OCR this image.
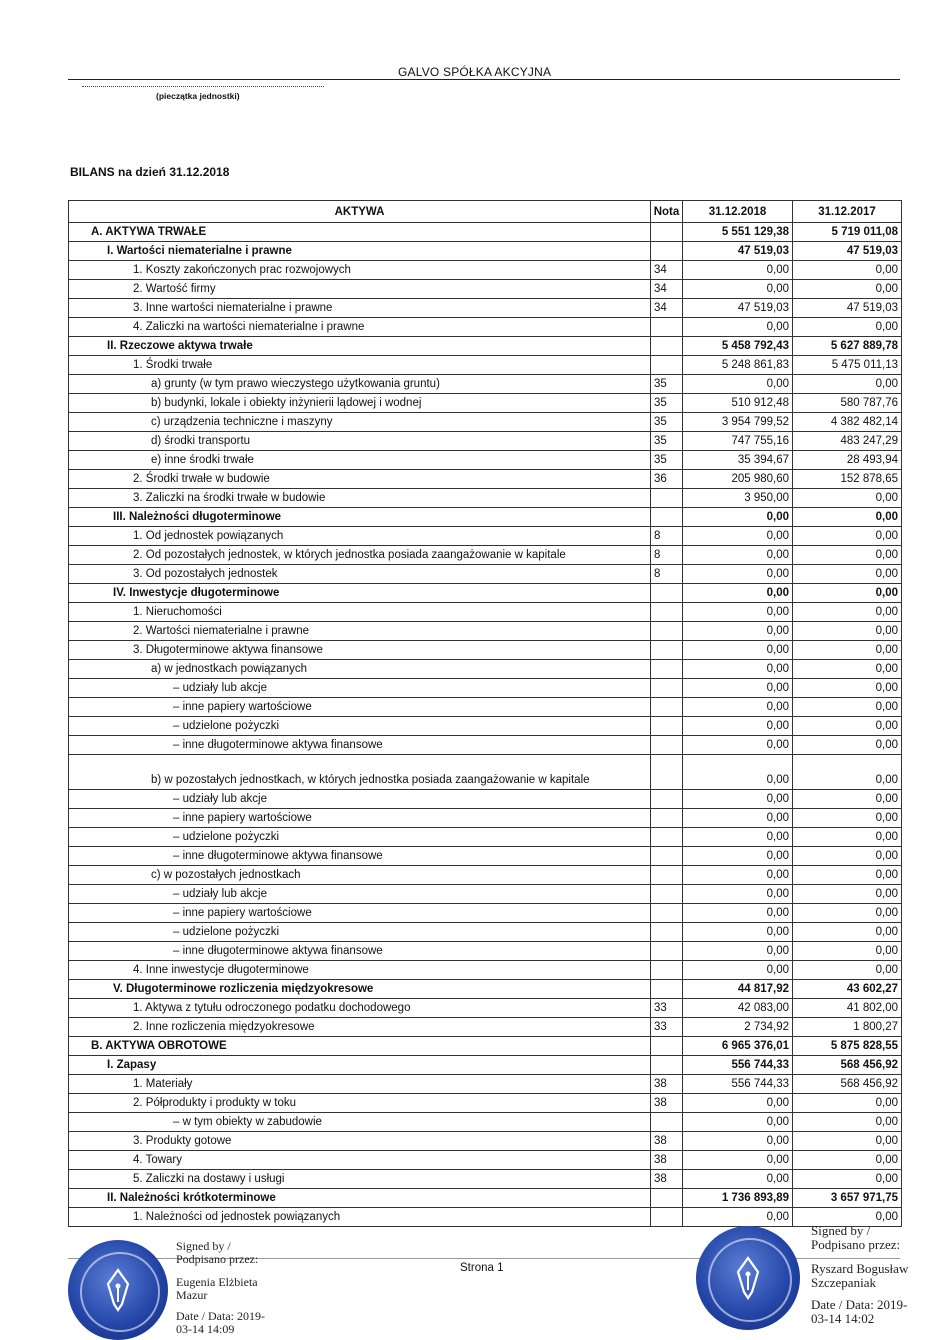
GALVO SPÓŁKA AKCYJNA
(pieczątka jednostki)
BILANS na dzień 31.12.2018
AKTYWA	Nota	31.12.2018	31.12.2017
A. AKTYWA TRWAŁE		5 551 129,38	5 719 011,08
I. Wartości niematerialne i prawne		47 519,03	47 519,03
1. Koszty zakończonych prac rozwojowych	34	0,00	0,00
2. Wartość firmy	34	0,00	0,00
3. Inne wartości niematerialne i prawne	34	47 519,03	47 519,03
4. Zaliczki na wartości niematerialne i prawne		0,00	0,00
II. Rzeczowe aktywa trwałe		5 458 792,43	5 627 889,78
1. Środki trwałe		5 248 861,83	5 475 011,13
a) grunty (w tym prawo wieczystego użytkowania gruntu)	35	0,00	0,00
b) budynki, lokale i obiekty inżynierii lądowej i wodnej	35	510 912,48	580 787,76
c) urządzenia techniczne i maszyny	35	3 954 799,52	4 382 482,14
d) środki transportu	35	747 755,16	483 247,29
e) inne środki trwałe	35	35 394,67	28 493,94
2. Środki trwałe w budowie	36	205 980,60	152 878,65
3. Zaliczki na środki trwałe w budowie		3 950,00	0,00
III. Należności długoterminowe		0,00	0,00
1. Od jednostek powiązanych	8	0,00	0,00
2. Od pozostałych jednostek, w których jednostka posiada zaangażowanie w kapitale	8	0,00	0,00
3. Od pozostałych jednostek	8	0,00	0,00
IV. Inwestycje długoterminowe		0,00	0,00
1. Nieruchomości		0,00	0,00
2. Wartości niematerialne i prawne		0,00	0,00
3. Długoterminowe aktywa finansowe		0,00	0,00
a) w jednostkach powiązanych		0,00	0,00
– udziały lub akcje		0,00	0,00
– inne papiery wartościowe		0,00	0,00
– udzielone pożyczki		0,00	0,00
– inne długoterminowe aktywa finansowe		0,00	0,00
b) w pozostałych jednostkach, w których jednostka posiada zaangażowanie w kapitale		0,00	0,00
– udziały lub akcje		0,00	0,00
– inne papiery wartościowe		0,00	0,00
– udzielone pożyczki		0,00	0,00
– inne długoterminowe aktywa finansowe		0,00	0,00
c) w pozostałych jednostkach		0,00	0,00
– udziały lub akcje		0,00	0,00
– inne papiery wartościowe		0,00	0,00
– udzielone pożyczki		0,00	0,00
– inne długoterminowe aktywa finansowe		0,00	0,00
4. Inne inwestycje długoterminowe		0,00	0,00
V. Długoterminowe rozliczenia międzyokresowe		44 817,92	43 602,27
1. Aktywa z tytułu odroczonego podatku dochodowego	33	42 083,00	41 802,00
2. Inne rozliczenia międzyokresowe	33	2 734,92	1 800,27
B. AKTYWA OBROTOWE		6 965 376,01	5 875 828,55
I. Zapasy		556 744,33	568 456,92
1. Materiały	38	556 744,33	568 456,92
2. Półprodukty i produkty w toku	38	0,00	0,00
– w tym obiekty w zabudowie		0,00	0,00
3. Produkty gotowe	38	0,00	0,00
4. Towary	38	0,00	0,00
5. Zaliczki na dostawy i usługi	38	0,00	0,00
II. Należności krótkoterminowe		1 736 893,89	3 657 971,75
1. Należności od jednostek powiązanych		0,00	0,00
Strona 1
Signed by /
Podpisano przez:
Eugenia Elżbieta
Mazur
Date / Data: 2019-
03-14 14:09
Signed by /
Podpisano przez:
Ryszard Bogusław
Szczepaniak
Date / Data: 2019-
03-14 14:02
